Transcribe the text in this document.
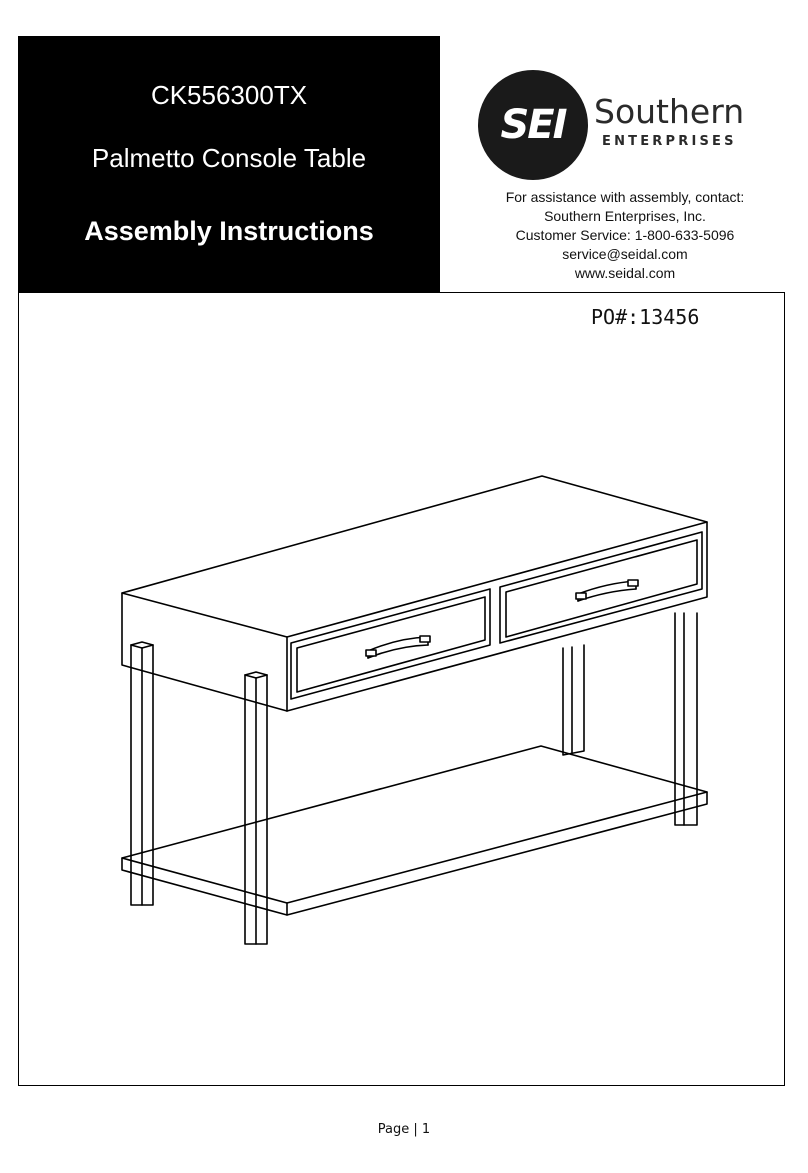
CK556300TX
Palmetto Console Table
Assembly Instructions
SEI Southern
ENTERPRISES
For assistance with assembly, contact:
Southern Enterprises, Inc.
Customer Service: 1-800-633-5096
service@seidal.com
www.seidal.com
PO#:13456
Page | 1
